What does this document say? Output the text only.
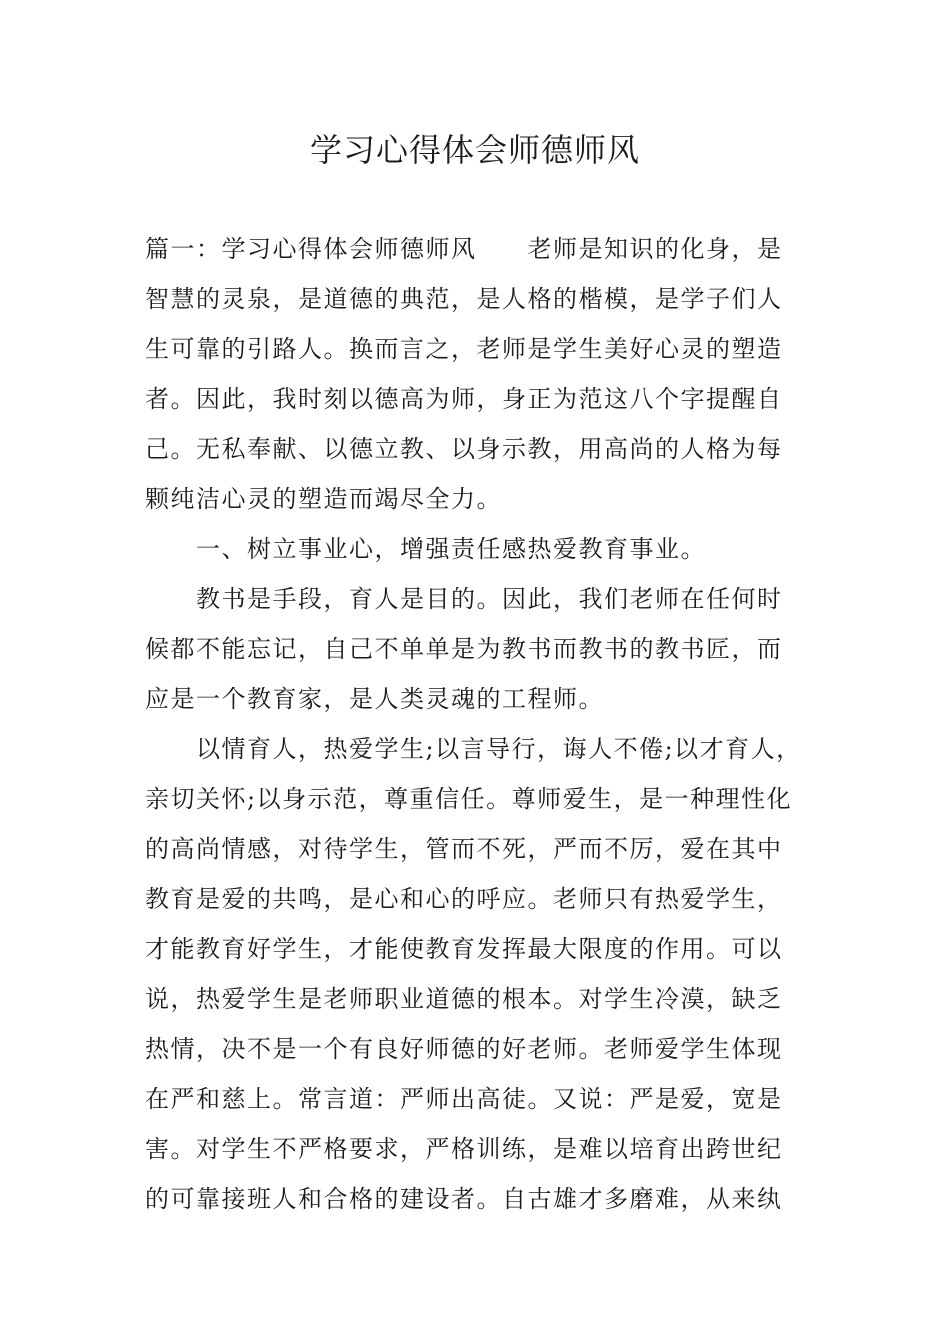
学习心得体会师德师风
篇一：学习心得体会师德师风　　老师是知识的化身，是
智慧的灵泉，是道德的典范，是人格的楷模，是学子们人
生可靠的引路人。换而言之，老师是学生美好心灵的塑造
者。因此，我时刻以德高为师，身正为范这八个字提醒自
己。无私奉献、以德立教、以身示教，用高尚的人格为每
颗纯洁心灵的塑造而竭尽全力。
　　一、树立事业心，增强责任感热爱教育事业。
　　教书是手段，育人是目的。因此，我们老师在任何时
候都不能忘记，自己不单单是为教书而教书的教书匠，而
应是一个教育家，是人类灵魂的工程师。
　　以情育人，热爱学生;以言导行，诲人不倦;以才育人，
亲切关怀;以身示范，尊重信任。尊师爱生，是一种理性化
的高尚情感，对待学生，管而不死，严而不厉，爱在其中
教育是爱的共鸣，是心和心的呼应。老师只有热爱学生，
才能教育好学生，才能使教育发挥最大限度的作用。可以
说，热爱学生是老师职业道德的根本。对学生冷漠，缺乏
热情，决不是一个有良好师德的好老师。老师爱学生体现
在严和慈上。常言道：严师出高徒。又说：严是爱，宽是
害。对学生不严格要求，严格训练，是难以培育出跨世纪
的可靠接班人和合格的建设者。自古雄才多磨难，从来纨
